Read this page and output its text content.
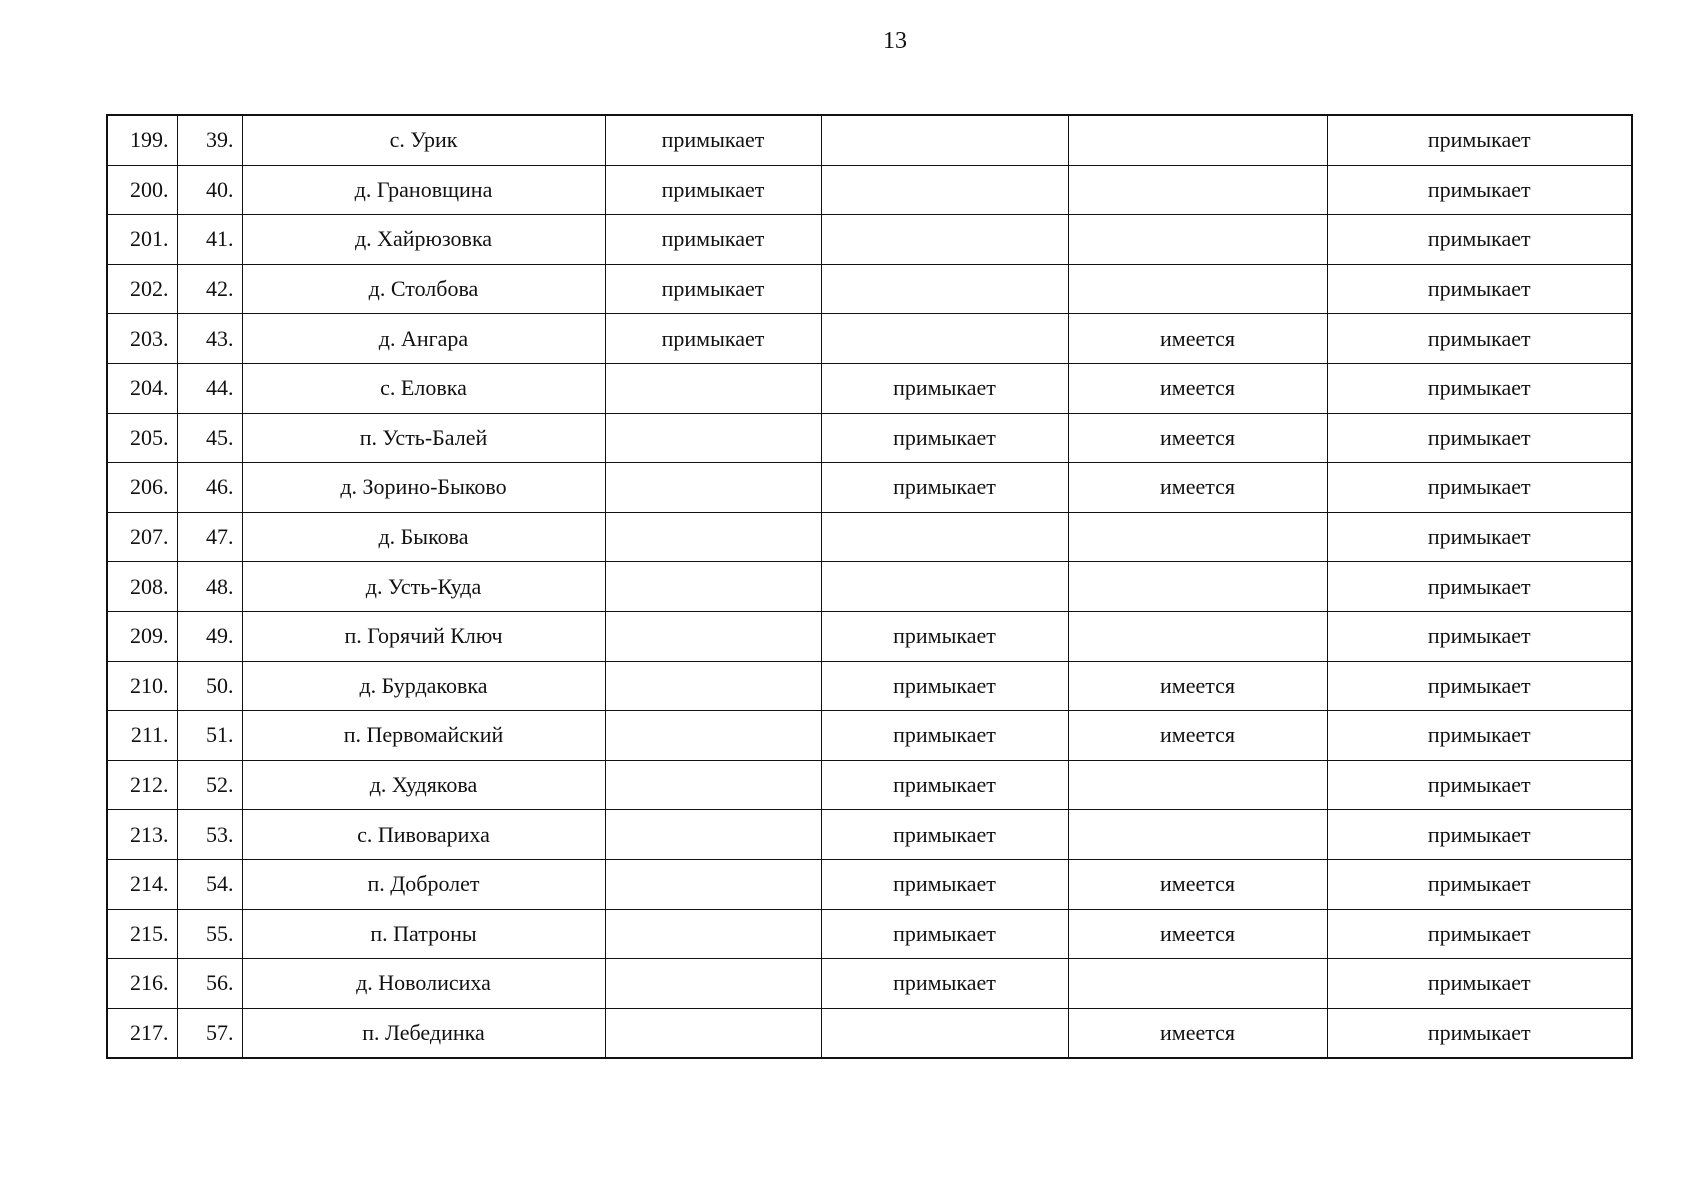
13
199.	39.	с. Урик	примыкает			примыкает
200.	40.	д. Грановщина	примыкает			примыкает
201.	41.	д. Хайрюзовка	примыкает			примыкает
202.	42.	д. Столбова	примыкает			примыкает
203.	43.	д. Ангара	примыкает		имеется	примыкает
204.	44.	с. Еловка		примыкает	имеется	примыкает
205.	45.	п. Усть-Балей		примыкает	имеется	примыкает
206.	46.	д. Зорино-Быково		примыкает	имеется	примыкает
207.	47.	д. Быкова				примыкает
208.	48.	д. Усть-Куда				примыкает
209.	49.	п. Горячий Ключ		примыкает		примыкает
210.	50.	д. Бурдаковка		примыкает	имеется	примыкает
211.	51.	п. Первомайский		примыкает	имеется	примыкает
212.	52.	д. Худякова		примыкает		примыкает
213.	53.	с. Пивовариха		примыкает		примыкает
214.	54.	п. Добролет		примыкает	имеется	примыкает
215.	55.	п. Патроны		примыкает	имеется	примыкает
216.	56.	д. Новолисиха		примыкает		примыкает
217.	57.	п. Лебединка			имеется	примыкает
